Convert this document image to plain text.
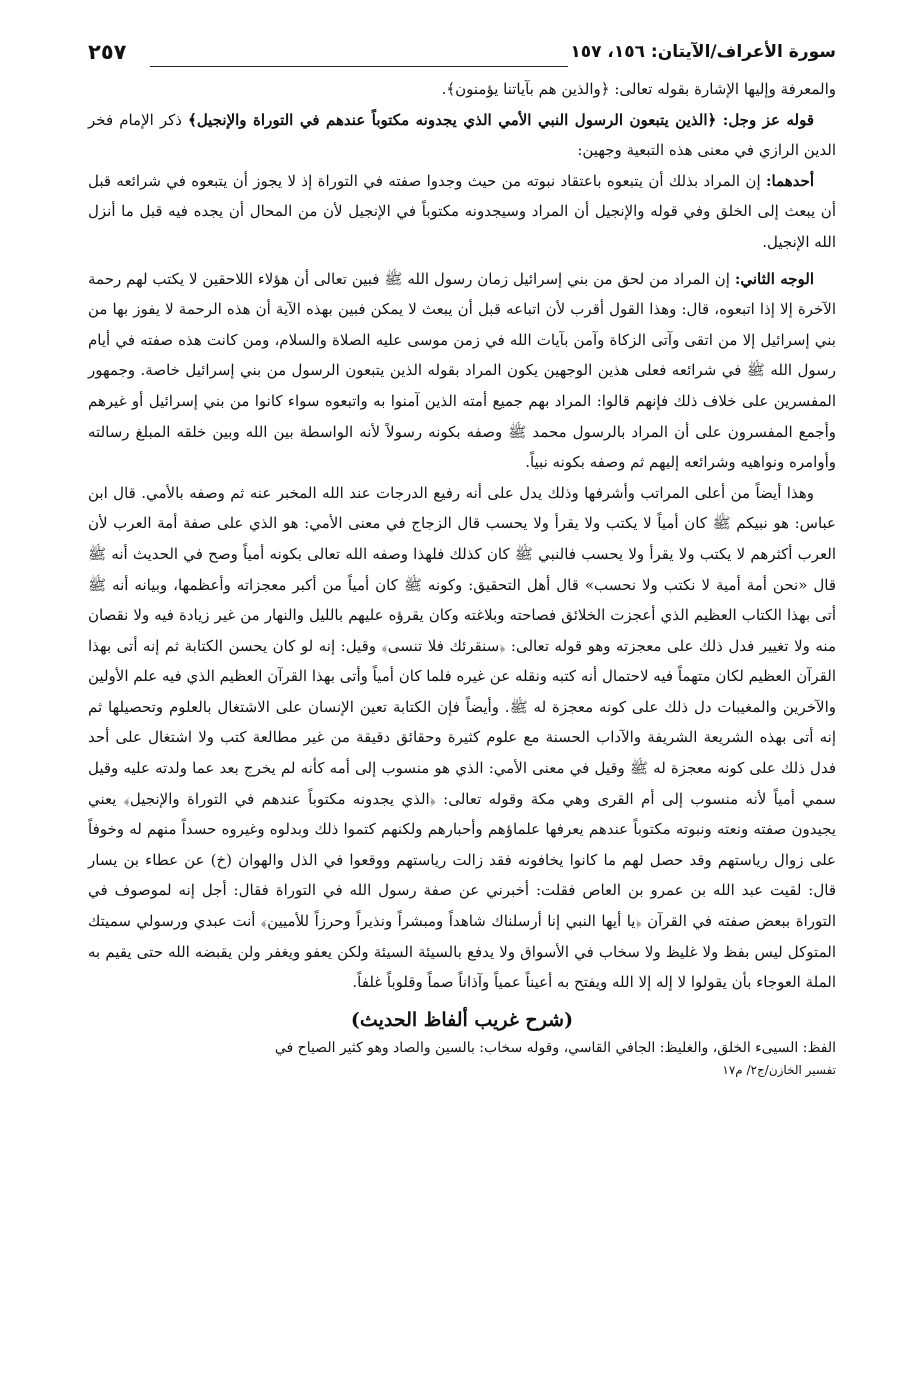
سورة الأعراف/الآيتان: ١٥٦، ١٥٧
٢٥٧

والمعرفة وإليها الإشارة بقوله تعالى: ﴿والذين هم بآياتنا يؤمنون﴾.

قوله عز وجل: ﴿الذين يتبعون الرسول النبي الأمي الذي يجدونه مكتوباً عندهم في التوراة والإنجيل﴾ ذكر الإمام فخر الدين الرازي في معنى هذه التبعية وجهين:

أحدهما: إن المراد بذلك أن يتبعوه باعتقاد نبوته من حيث وجدوا صفته في التوراة إذ لا يجوز أن يتبعوه في شرائعه قبل أن يبعث إلى الخلق وفي قوله والإنجيل أن المراد وسيجدونه مكتوباً في الإنجيل لأن من المحال أن يجده فيه قبل ما أنزل الله الإنجيل.

الوجه الثاني: إن المراد من لحق من بني إسرائيل زمان رسول الله ﷺ فبين تعالى أن هؤلاء اللاحقين لا يكتب لهم رحمة الآخرة إلا إذا اتبعوه، قال: وهذا القول أقرب لأن اتباعه قبل أن يبعث لا يمكن فبين بهذه الآية أن هذه الرحمة لا يفوز بها من بني إسرائيل إلا من اتقى وآتى الزكاة وآمن بآيات الله في زمن موسى عليه الصلاة والسلام، ومن كانت هذه صفته في أيام رسول الله ﷺ في شرائعه فعلى هذين الوجهين يكون المراد بقوله الذين يتبعون الرسول من بني إسرائيل خاصة. وجمهور المفسرين على خلاف ذلك فإنهم قالوا: المراد بهم جميع أمته الذين آمنوا به واتبعوه سواء كانوا من بني إسرائيل أو غيرهم وأجمع المفسرون على أن المراد بالرسول محمد ﷺ وصفه بكونه رسولاً لأنه الواسطة بين الله وبين خلقه المبلغ رسالته وأوامره ونواهيه وشرائعه إليهم ثم وصفه بكونه نبياً.

وهذا أيضاً من أعلى المراتب وأشرفها وذلك يدل على أنه رفيع الدرجات عند الله المخبر عنه ثم وصفه بالأمي. قال ابن عباس: هو نبيكم ﷺ كان أمياً لا يكتب ولا يقرأ ولا يحسب قال الزجاج في معنى الأمي: هو الذي على صفة أمة العرب لأن العرب أكثرهم لا يكتب ولا يقرأ ولا يحسب فالنبي ﷺ كان كذلك فلهذا وصفه الله تعالى بكونه أمياً وصح في الحديث أنه ﷺ قال «نحن أمة أمية لا نكتب ولا نحسب» قال أهل التحقيق: وكونه ﷺ كان أمياً من أكبر معجزاته وأعظمها، وبيانه أنه ﷺ أتى بهذا الكتاب العظيم الذي أعجزت الخلائق فصاحته وبلاغته وكان يقرؤه عليهم بالليل والنهار من غير زيادة فيه ولا نقصان منه ولا تغيير فدل ذلك على معجزته وهو قوله تعالى: ﴿سنقرئك فلا تنسى﴾ وقيل: إنه لو كان يحسن الكتابة ثم إنه أتى بهذا القرآن العظيم لكان متهماً فيه لاحتمال أنه كتبه ونقله عن غيره فلما كان أمياً وأتى بهذا القرآن العظيم الذي فيه علم الأولين والآخرين والمغيبات دل ذلك على كونه معجزة له ﷺ. وأيضاً فإن الكتابة تعين الإنسان على الاشتغال بالعلوم وتحصيلها ثم إنه أتى بهذه الشريعة الشريفة والآداب الحسنة مع علوم كثيرة وحقائق دقيقة من غير مطالعة كتب ولا اشتغال على أحد فدل ذلك على كونه معجزة له ﷺ وقيل في معنى الأمي: الذي هو منسوب إلى أمه كأنه لم يخرج بعد عما ولدته عليه وقيل سمي أمياً لأنه منسوب إلى أم القرى وهي مكة وقوله تعالى: ﴿الذي يجدونه مكتوباً عندهم في التوراة والإنجيل﴾ يعني يجيدون صفته ونعته ونبوته مكتوباً عندهم يعرفها علماؤهم وأحبارهم ولكنهم كتموا ذلك وبدلوه وغيروه حسداً منهم له وخوفاً على زوال رياستهم وقد حصل لهم ما كانوا يخافونه فقد زالت رياستهم ووقعوا في الذل والهوان (خ) عن عطاء بن يسار قال: لقيت عبد الله بن عمرو بن العاص فقلت: أخبرني عن صفة رسول الله في التوراة فقال: أجل إنه لموصوف في التوراة ببعض صفته في القرآن ﴿يا أيها النبي إنا أرسلناك شاهداً ومبشراً ونذيراً وحرزاً للأميين﴾ أنت عبدي ورسولي سميتك المتوكل ليس بفظ ولا غليظ ولا سخاب في الأسواق ولا يدفع بالسيئة السيئة ولكن يعفو ويغفر ولن يقبضه الله حتى يقيم به الملة العوجاء بأن يقولوا لا إله إلا الله ويفتح به أعيناً عمياً وآذاناً صماً وقلوباً غلفاً.

(شرح غريب ألفاظ الحديث)
الفظ: السيىء الخلق، والغليظ: الجافي القاسي، وقوله سخاب: بالسين والصاد وهو كثير الصياح في
تفسير الخازن/ج٢/ م١٧
